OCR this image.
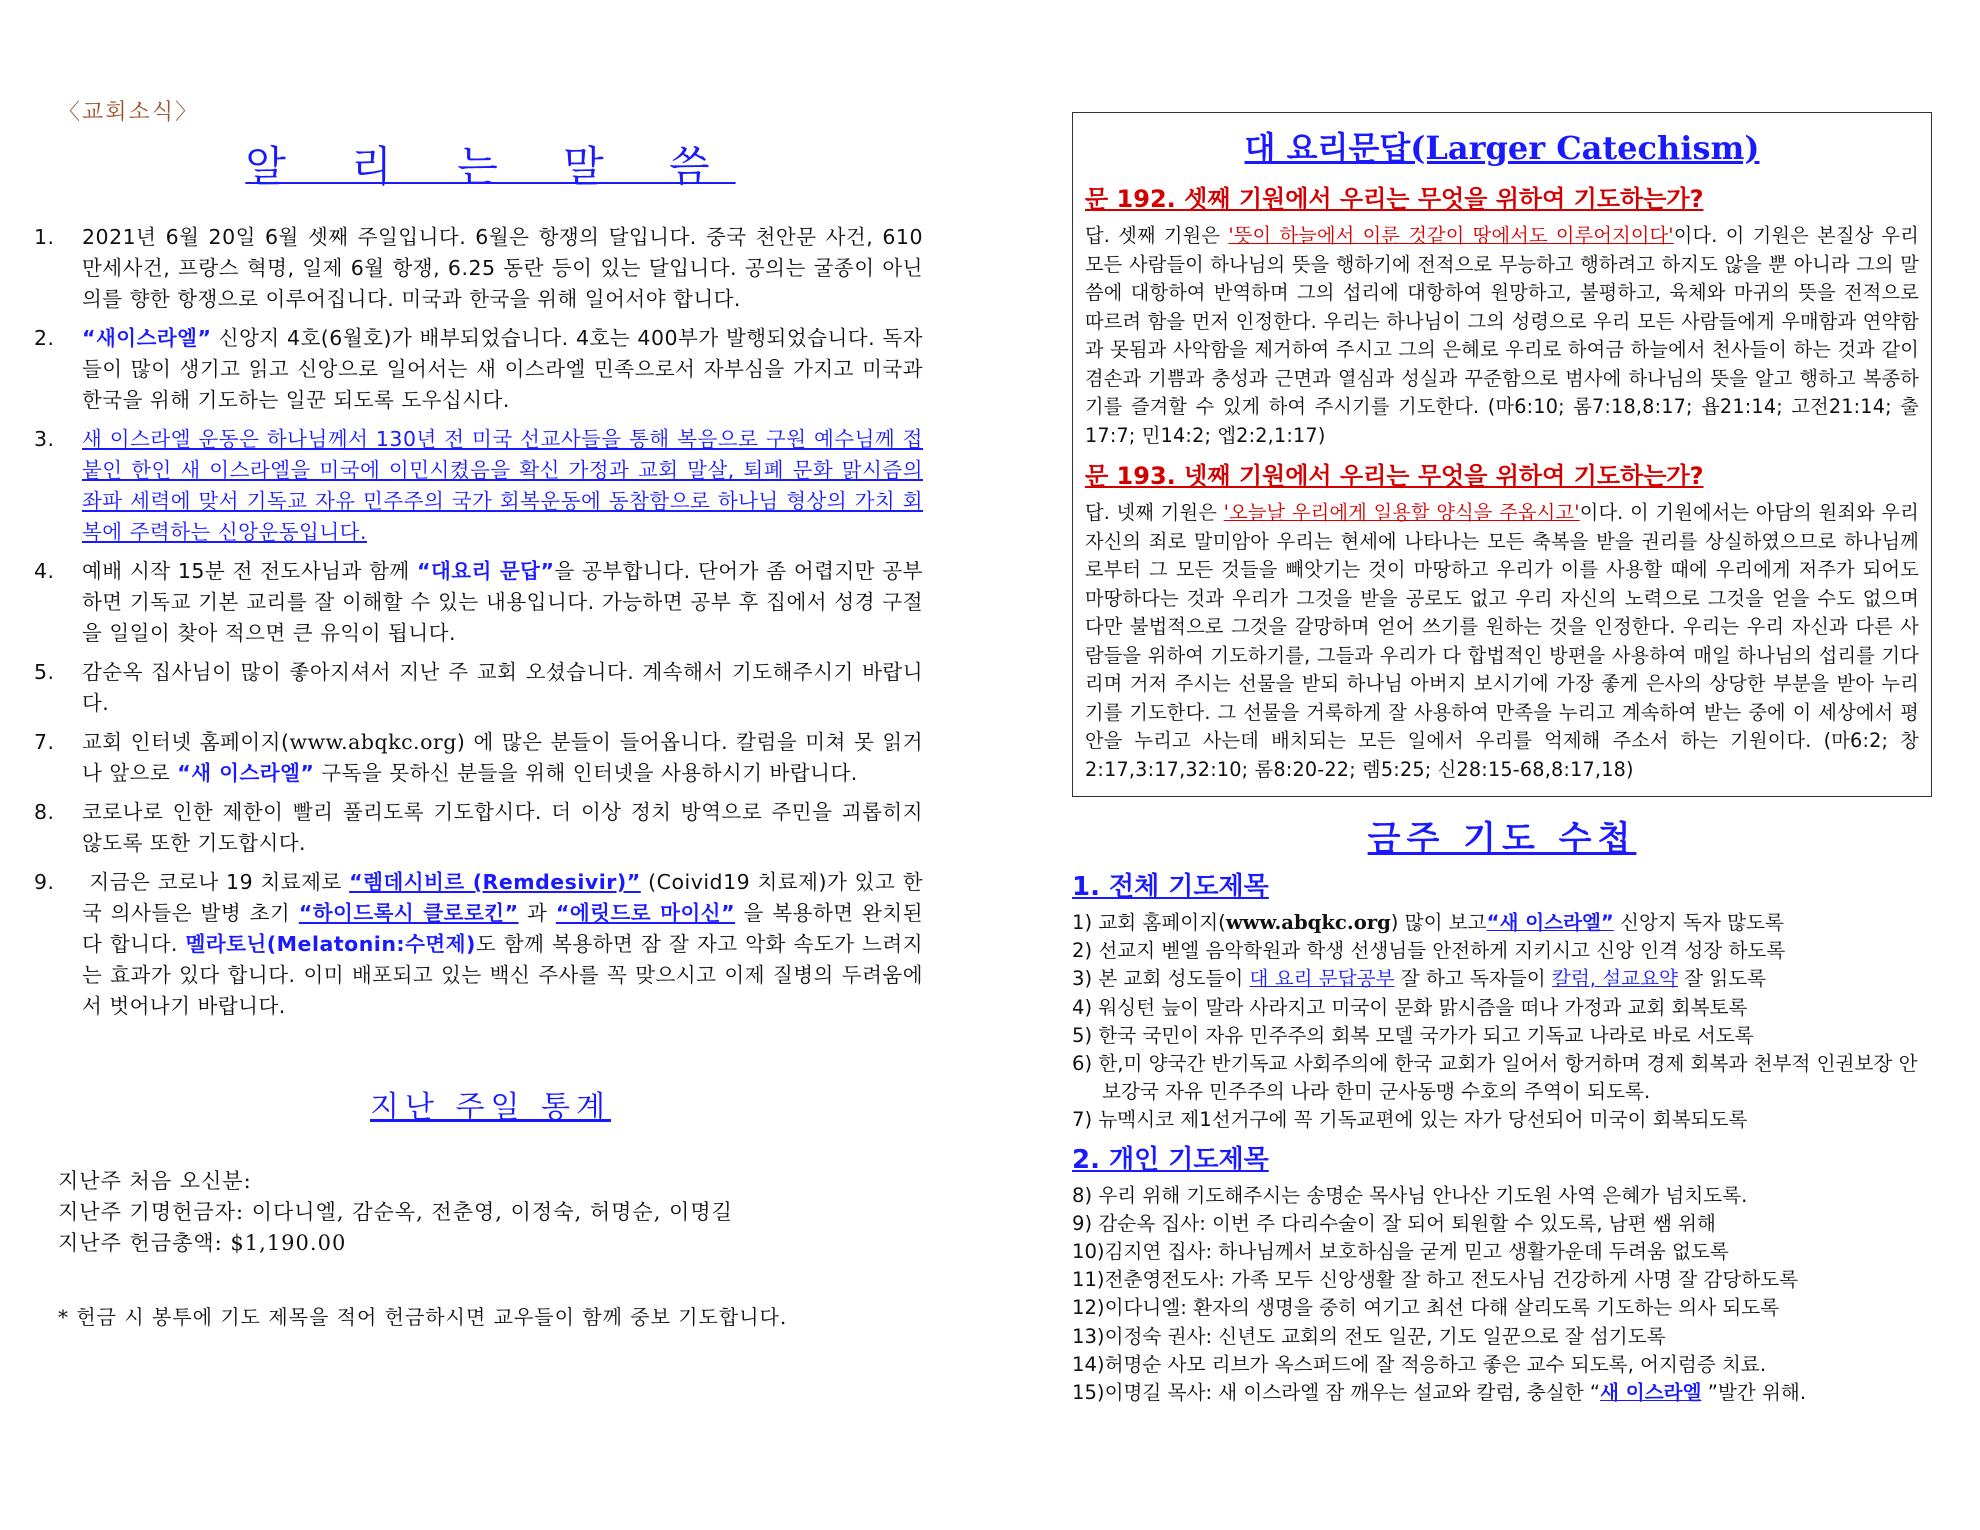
〈교회소식〉
알 리 는 말 씀
1. 2021년 6월 20일 6월 셋째 주일입니다. 6월은 항쟁의 달입니다. 중국 천안문 사건, 610 만세사건, 프랑스 혁명, 일제 6월 항쟁, 6.25 동란 등이 있는 달입니다. 공의는 굴종이 아닌 의를 향한 항쟁으로 이루어집니다. 미국과 한국을 위해 일어서야 합니다.
2. “새이스라엘” 신앙지 4호(6월호)가 배부되었습니다. 4호는 400부가 발행되었습니다. 독자들이 많이 생기고 읽고 신앙으로 일어서는 새 이스라엘 민족으로서 자부심을 가지고 미국과 한국을 위해 기도하는 일꾼 되도록 도우십시다.
3. 새 이스라엘 운동은 하나님께서 130년 전 미국 선교사들을 통해 복음으로 구원 예수님께 접붙인 한인 새 이스라엘을 미국에 이민시켰음을 확신 가정과 교회 말살, 퇴폐 문화 맑시즘의 좌파 세력에 맞서 기독교 자유 민주주의 국가 회복운동에 동참함으로 하나님 형상의 가치 회복에 주력하는 신앙운동입니다.
4. 예배 시작 15분 전 전도사님과 함께 “대요리 문답”을 공부합니다. 단어가 좀 어렵지만 공부하면 기독교 기본 교리를 잘 이해할 수 있는 내용입니다. 가능하면 공부 후 집에서 성경 구절을 일일이 찾아 적으면 큰 유익이 됩니다.
5. 감순옥 집사님이 많이 좋아지셔서 지난 주 교회 오셨습니다. 계속해서 기도해주시기 바랍니다.
7. 교회 인터넷 홈페이지(www.abqkc.org) 에 많은 분들이 들어옵니다. 칼럼을 미쳐 못 읽거나 앞으로 “새 이스라엘” 구독을 못하신 분들을 위해 인터넷을 사용하시기 바랍니다.
8. 코로나로 인한 제한이 빨리 풀리도록 기도합시다. 더 이상 정치 방역으로 주민을 괴롭히지 않도록 또한 기도합시다.
9. 지금은 코로나 19 치료제로 “렘데시비르 (Remdesivir)” (Coivid19 치료제)가 있고 한국 의사들은 발병 초기 “하이드록시 클로로킨” 과 “에릿드로 마이신” 을 복용하면 완치된다 합니다. 멜라토닌(Melatonin:수면제)도 함께 복용하면 잠 잘 자고 악화 속도가 느려지는 효과가 있다 합니다. 이미 배포되고 있는 백신 주사를 꼭 맞으시고 이제 질병의 두려움에서 벗어나기 바랍니다.
지난 주일 통계
지난주 처음 오신분:
지난주 기명헌금자: 이다니엘, 감순옥, 전춘영, 이정숙, 허명순, 이명길
지난주 헌금총액: $1,190.00
* 헌금 시 봉투에 기도 제목을 적어 헌금하시면 교우들이 함께 중보 기도합니다.
대 요리문답(Larger Catechism)
문 192. 셋째 기원에서 우리는 무엇을 위하여 기도하는가?
답. 셋째 기원은 '뜻이 하늘에서 이룬 것같이 땅에서도 이루어지이다'이다. 이 기원은 본질상 우리 모든 사람들이 하나님의 뜻을 행하기에 전적으로 무능하고 행하려고 하지도 않을 뿐 아니라 그의 말씀에 대항하여 반역하며 그의 섭리에 대항하여 원망하고, 불평하고, 육체와 마귀의 뜻을 전적으로 따르려 함을 먼저 인정한다. 우리는 하나님이 그의 성령으로 우리 모든 사람들에게 우매함과 연약함과 못됨과 사악함을 제거하여 주시고 그의 은혜로 우리로 하여금 하늘에서 천사들이 하는 것과 같이 겸손과 기쁨과 충성과 근면과 열심과 성실과 꾸준함으로 범사에 하나님의 뜻을 알고 행하고 복종하기를 즐겨할 수 있게 하여 주시기를 기도한다. (마6:10; 롬7:18,8:17; 욥21:14; 고전21:14; 출17:7; 민14:2; 엡2:2,1:17)
문 193. 넷째 기원에서 우리는 무엇을 위하여 기도하는가?
답. 넷째 기원은 '오늘날 우리에게 일용할 양식을 주옵시고'이다. 이 기원에서는 아담의 원죄와 우리 자신의 죄로 말미암아 우리는 현세에 나타나는 모든 축복을 받을 권리를 상실하였으므로 하나님께로부터 그 모든 것들을 빼앗기는 것이 마땅하고 우리가 이를 사용할 때에 우리에게 저주가 되어도 마땅하다는 것과 우리가 그것을 받을 공로도 없고 우리 자신의 노력으로 그것을 얻을 수도 없으며 다만 불법적으로 그것을 갈망하며 얻어 쓰기를 원하는 것을 인정한다. 우리는 우리 자신과 다른 사람들을 위하여 기도하기를, 그들과 우리가 다 합법적인 방편을 사용하여 매일 하나님의 섭리를 기다리며 거저 주시는 선물을 받되 하나님 아버지 보시기에 가장 좋게 은사의 상당한 부분을 받아 누리기를 기도한다. 그 선물을 거룩하게 잘 사용하여 만족을 누리고 계속하여 받는 중에 이 세상에서 평안을 누리고 사는데 배치되는 모든 일에서 우리를 억제해 주소서 하는 기원이다. (마6:2; 창2:17,3:17,32:10; 롬8:20-22; 렘5:25; 신28:15-68,8:17,18)
금주 기도 수첩
1. 전체 기도제목
1) 교회 홈페이지(www.abqkc.org) 많이 보고“새 이스라엘” 신앙지 독자 많도록
2) 선교지 벧엘 음악학원과 학생 선생님들 안전하게 지키시고 신앙 인격 성장 하도록
3) 본 교회 성도들이 대 요리 문답공부 잘 하고 독자들이 칼럼, 설교요약 잘 읽도록
4) 워싱턴 늪이 말라 사라지고 미국이 문화 맑시즘을 떠나 가정과 교회 회복토록
5) 한국 국민이 자유 민주주의 회복 모델 국가가 되고 기독교 나라로 바로 서도록
6) 한,미 양국간 반기독교 사회주의에 한국 교회가 일어서 항거하며 경제 회복과 천부적 인권보장 안보강국 자유 민주주의 나라 한미 군사동맹 수호의 주역이 되도록.
7) 뉴멕시코 제1선거구에 꼭 기독교편에 있는 자가 당선되어 미국이 회복되도록
2. 개인 기도제목
8) 우리 위해 기도해주시는 송명순 목사님 안나산 기도원 사역 은혜가 넘치도록.
9) 감순옥 집사: 이번 주 다리수술이 잘 되어 퇴원할 수 있도록, 남편 쌤 위해
10)김지연 집사: 하나님께서 보호하심을 굳게 믿고 생활가운데 두려움 없도록
11)전춘영전도사: 가족 모두 신앙생활 잘 하고 전도사님 건강하게 사명 잘 감당하도록
12)이다니엘: 환자의 생명을 중히 여기고 최선 다해 살리도록 기도하는 의사 되도록
13)이정숙 권사: 신년도 교회의 전도 일꾼, 기도 일꾼으로 잘 섬기도록
14)허명순 사모 리브가 옥스퍼드에 잘 적응하고 좋은 교수 되도록, 어지럼증 치료.
15)이명길 목사: 새 이스라엘 잠 깨우는 설교와 칼럼, 충실한 “새 이스라엘 ”발간 위해.
